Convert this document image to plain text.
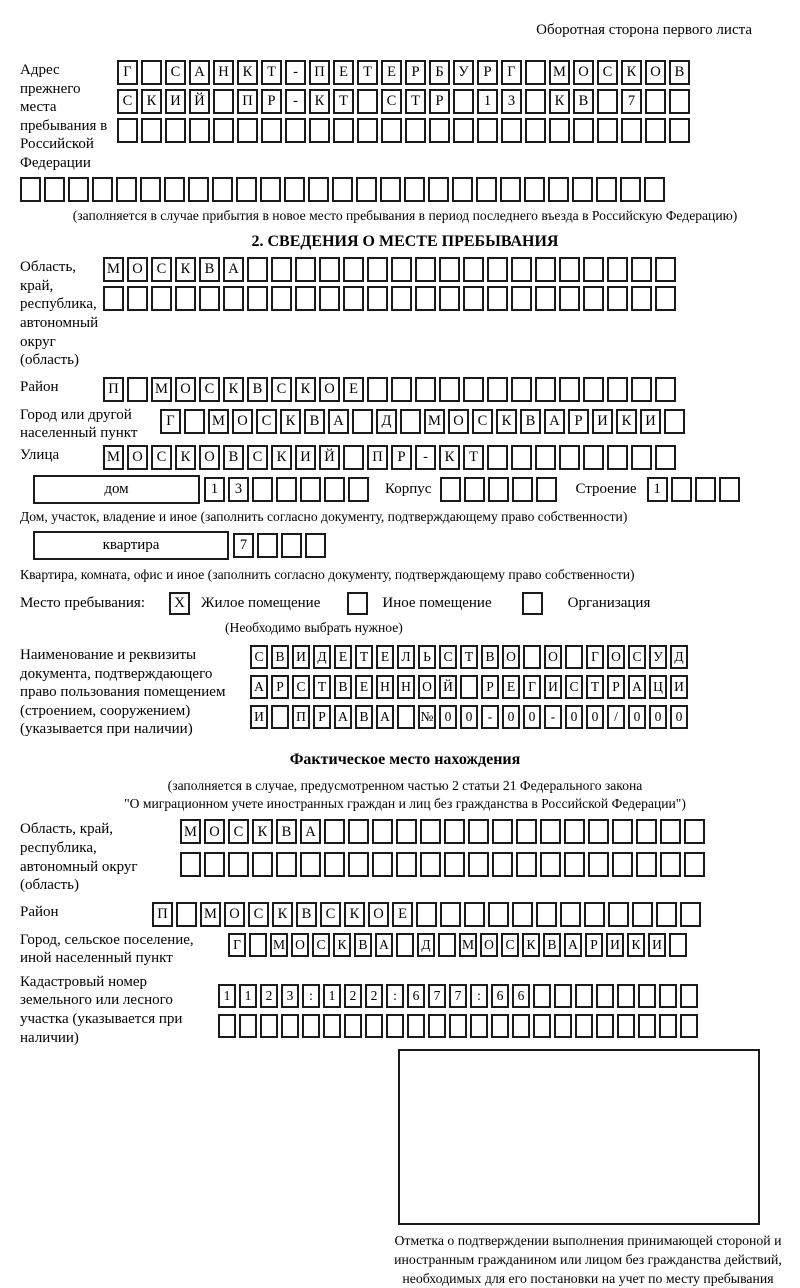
Оборотная сторона первого листа
Адрес прежнего места пребывания в Российской Федерации
Г	С А Н К	Т	-	П Е	Т	Е	Р	Б	У	Р	Г	М О С К О В
С К И Й	П	Р	-	К	Т	С	Т	Р	1	3	К В	7
(заполняется в случае прибытия в новое место пребывания в период последнего въезда в Российскую Федерацию)
2. СВЕДЕНИЯ О МЕСТЕ ПРЕБЫВАНИЯ
Область, край, республика, автономный округ (область)
М О С К В А
Район	П	М О С К В С К О Е
Город или другой населенный пункт
Г	М О С К В А	Д	М О С К В А	Р	И К И
Улица	М О С К О В С К И Й	П	Р	-	К	Т
дом	1	3	Корпус	Строение	1
Дом, участок, владение и иное (заполнить согласно документу, подтверждающему право собственности)
квартира	7
Квартира, комната, офис и иное (заполнить согласно документу, подтверждающему право собственности)
Место пребывания:	X	Жилое помещение	Иное помещение	Организация
(Необходимо выбрать нужное)
Наименование и реквизиты документа, подтверждающего право пользования помещением (строением, сооружением) (указывается при наличии)
С В И Д Е Т Е Л Ь С Т В О	О	Г О С У Д
А Р С Т В Е Н Н О Й	Р Е Г И С Т Р А Ц И
И	П Р А В А	№ 0	0	-	0	0	-	0	0	/	0	0	0
Фактическое место нахождения
(заполняется в случае, предусмотренном частью 2 статьи 21 Федерального закона
"О миграционном учете иностранных граждан и лиц без гражданства в Российской Федерации")
Область, край, республика, автономный округ (область)
М О С К В А
Район	П	М О С К В С К О Е
Город, сельское поселение, иной населенный пункт
Г	М О С К В А	Д	М О С К В А Р И К И
Кадастровый номер земельного или лесного участка (указывается при наличии)
1	1	2	3	:	1	2	2	:	6	7	7	:	6	6
Отметка о подтверждении выполнения принимающей стороной и иностранным гражданином или лицом без гражданства действий, необходимых для его постановки на учет по месту пребывания
